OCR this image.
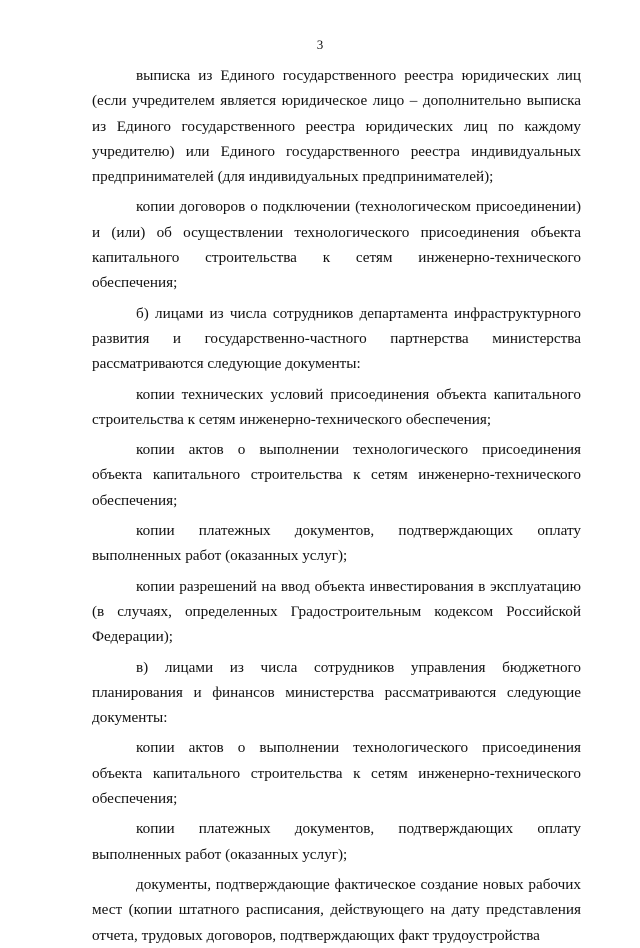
3

выписка из Единого государственного реестра юридических лиц (если учредителем является юридическое лицо – дополнительно выписка из Единого государственного реестра юридических лиц по каждому учредителю) или Единого государственного реестра индивидуальных предпринимателей (для индивидуальных предпринимателей);

копии договоров о подключении (технологическом присоединении) и (или) об осуществлении технологического присоединения объекта капитального строительства к сетям инженерно-технического обеспечения;

б) лицами из числа сотрудников департамента инфраструктурного развития и государственно-частного партнерства министерства рассматриваются следующие документы:

копии технических условий присоединения объекта капитального строительства к сетям инженерно-технического обеспечения;

копии актов о выполнении технологического присоединения объекта капитального строительства к сетям инженерно-технического обеспечения;

копии платежных документов, подтверждающих оплату выполненных работ (оказанных услуг);

копии разрешений на ввод объекта инвестирования в эксплуатацию (в случаях, определенных Градостроительным кодексом Российской Федерации);

в) лицами из числа сотрудников управления бюджетного планирования и финансов министерства рассматриваются следующие документы:

копии актов о выполнении технологического присоединения объекта капитального строительства к сетям инженерно-технического обеспечения;

копии платежных документов, подтверждающих оплату выполненных работ (оказанных услуг);

документы, подтверждающие фактическое создание новых рабочих мест (копии штатного расписания, действующего на дату представления отчета, трудовых договоров, подтверждающих факт трудоустройства
